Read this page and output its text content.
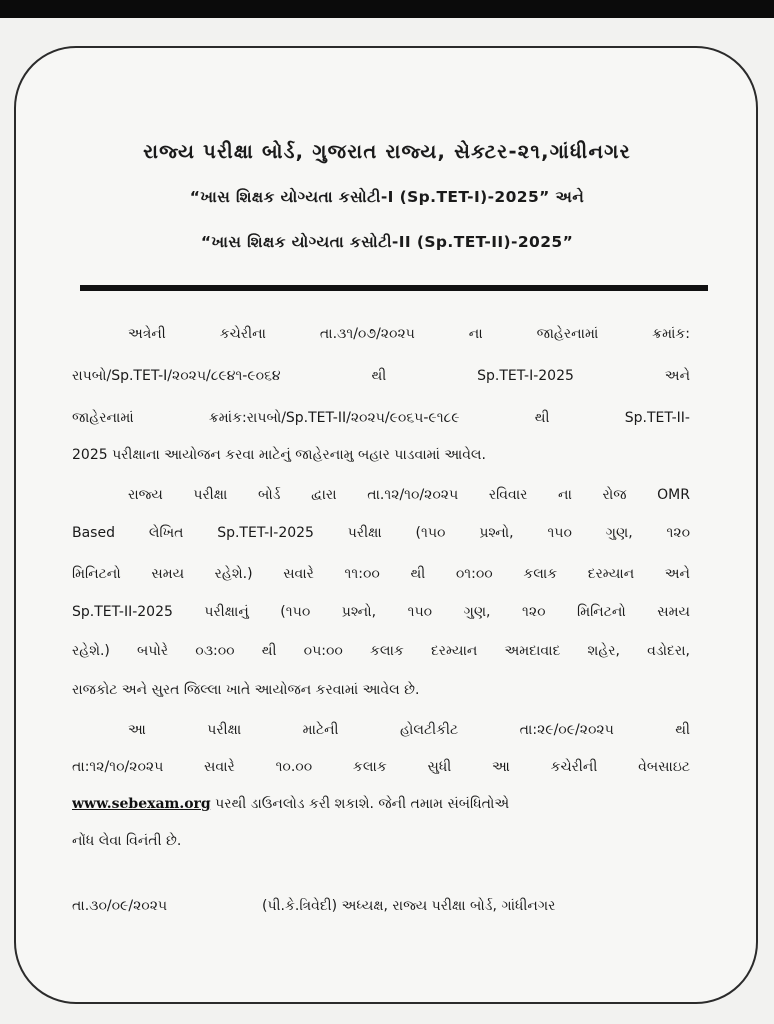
રાજ્ય પરીક્ષા બોર્ડ, ગુજરાત રાજ્ય, સેક્ટર-૨૧,ગાંધીનગર
“ખાસ શિક્ષક યોગ્યતા કસોટી-I (Sp.TET-I)-2025” અને
“ખાસ શિક્ષક યોગ્યતા કસોટી-II (Sp.TET-II)-2025”
અત્રેની કચેરીના તા.૩૧/૦૭/૨૦૨૫ ના જાહેરનામાં ક્રમાંક:
રાપબો/Sp.TET-I/૨૦૨૫/૮૯૪૧-૯૦૬૪ થી Sp.TET-I-2025 અને
જાહેરનામાં ક્રમાંક:રાપબો/Sp.TET-II/૨૦૨૫/૯૦૬૫-૯૧૮૯ થી Sp.TET-II-
2025 પરીક્ષાના આયોજન કરવા માટેનું જાહેરનામુ બહાર પાડવામાં આવેલ.
રાજ્ય પરીક્ષા બોર્ડ દ્વારા તા.૧૨/૧૦/૨૦૨૫ રવિવાર ના રોજ OMR
Based લેખિત Sp.TET-I-2025 પરીક્ષા (૧૫૦ પ્રશ્નો, ૧૫૦ ગુણ, ૧૨૦
મિનિટનો સમય રહેશે.) સવારે ૧૧:૦૦ થી ૦૧:૦૦ કલાક દરમ્યાન અને
Sp.TET-II-2025 પરીક્ષાનું (૧૫૦ પ્રશ્નો, ૧૫૦ ગુણ, ૧૨૦ મિનિટનો સમય
રહેશે.) બપોરે ૦૩:૦૦ થી ૦૫:૦૦ કલાક દરમ્યાન અમદાવાદ શહેર, વડોદરા,
રાજકોટ અને સુરત જિલ્લા ખાતે આયોજન કરવામાં આવેલ છે.
આ પરીક્ષા માટેની હોલટીકીટ તા:૨૯/૦૯/૨૦૨૫ થી
તા:૧૨/૧૦/૨૦૨૫ સવારે ૧૦.૦૦ કલાક સુધી આ કચેરીની વેબસાઇટ
www.sebexam.org પરથી ડાઉનલોડ કરી શકાશે. જેની તમામ સંબંધિતોએ
નોંધ લેવા વિનંતી છે.
તા.૩૦/૦૯/૨૦૨૫	(પી.કે.ત્રિવેદી) અધ્યક્ષ, રાજ્ય પરીક્ષા બોર્ડ, ગાંધીનગર
